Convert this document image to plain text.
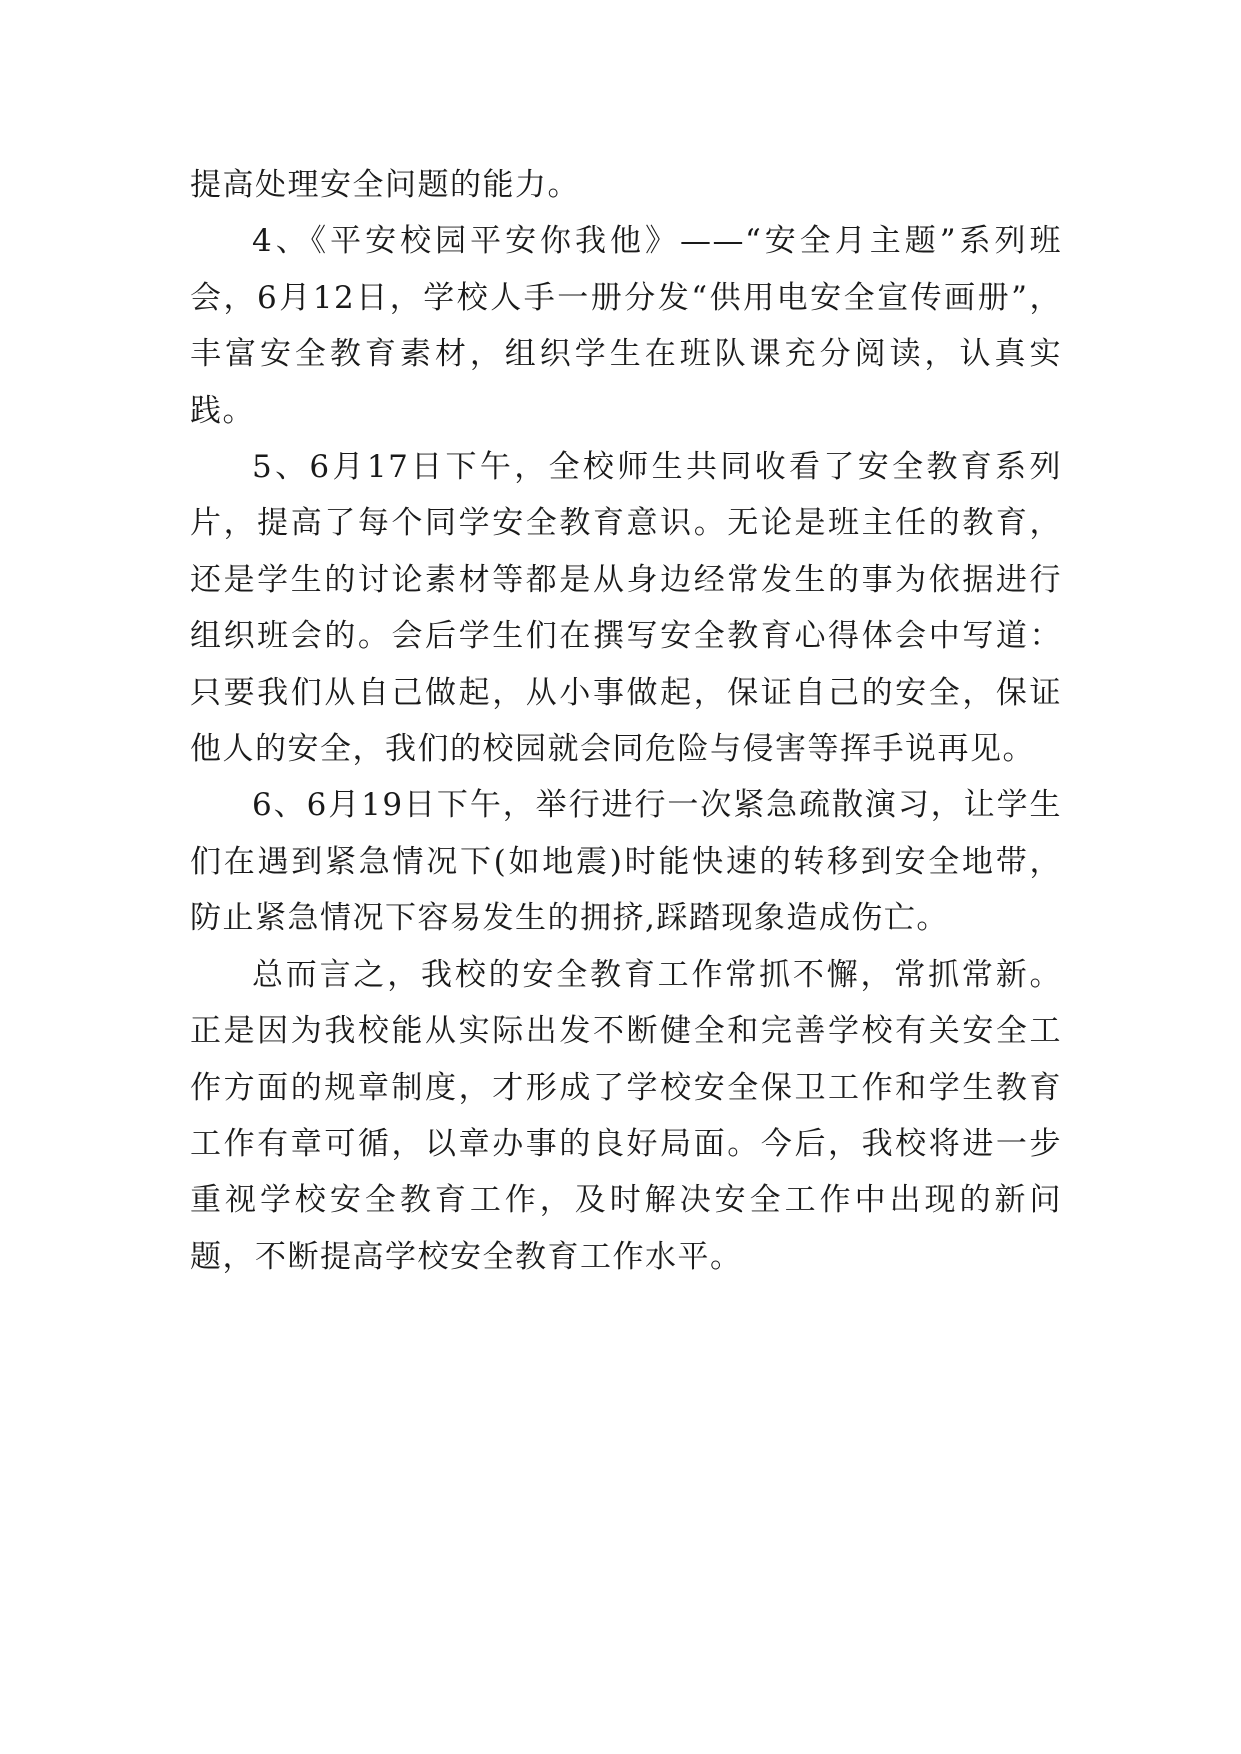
提高处理安全问题的能力。

4、《平安校园平安你我他》——“安全月主题”系列班会，6月12日，学校人手一册分发“供用电安全宣传画册”，丰富安全教育素材，组织学生在班队课充分阅读，认真实践。

5、6月17日下午，全校师生共同收看了安全教育系列片，提高了每个同学安全教育意识。无论是班主任的教育，还是学生的讨论素材等都是从身边经常发生的事为依据进行组织班会的。会后学生们在撰写安全教育心得体会中写道：只要我们从自己做起，从小事做起，保证自己的安全，保证他人的安全，我们的校园就会同危险与侵害等挥手说再见。

6、6月19日下午，举行进行一次紧急疏散演习，让学生们在遇到紧急情况下(如地震)时能快速的转移到安全地带，防止紧急情况下容易发生的拥挤,踩踏现象造成伤亡。

总而言之，我校的安全教育工作常抓不懈，常抓常新。正是因为我校能从实际出发不断健全和完善学校有关安全工作方面的规章制度，才形成了学校安全保卫工作和学生教育工作有章可循，以章办事的良好局面。今后，我校将进一步重视学校安全教育工作，及时解决安全工作中出现的新问题，不断提高学校安全教育工作水平。
